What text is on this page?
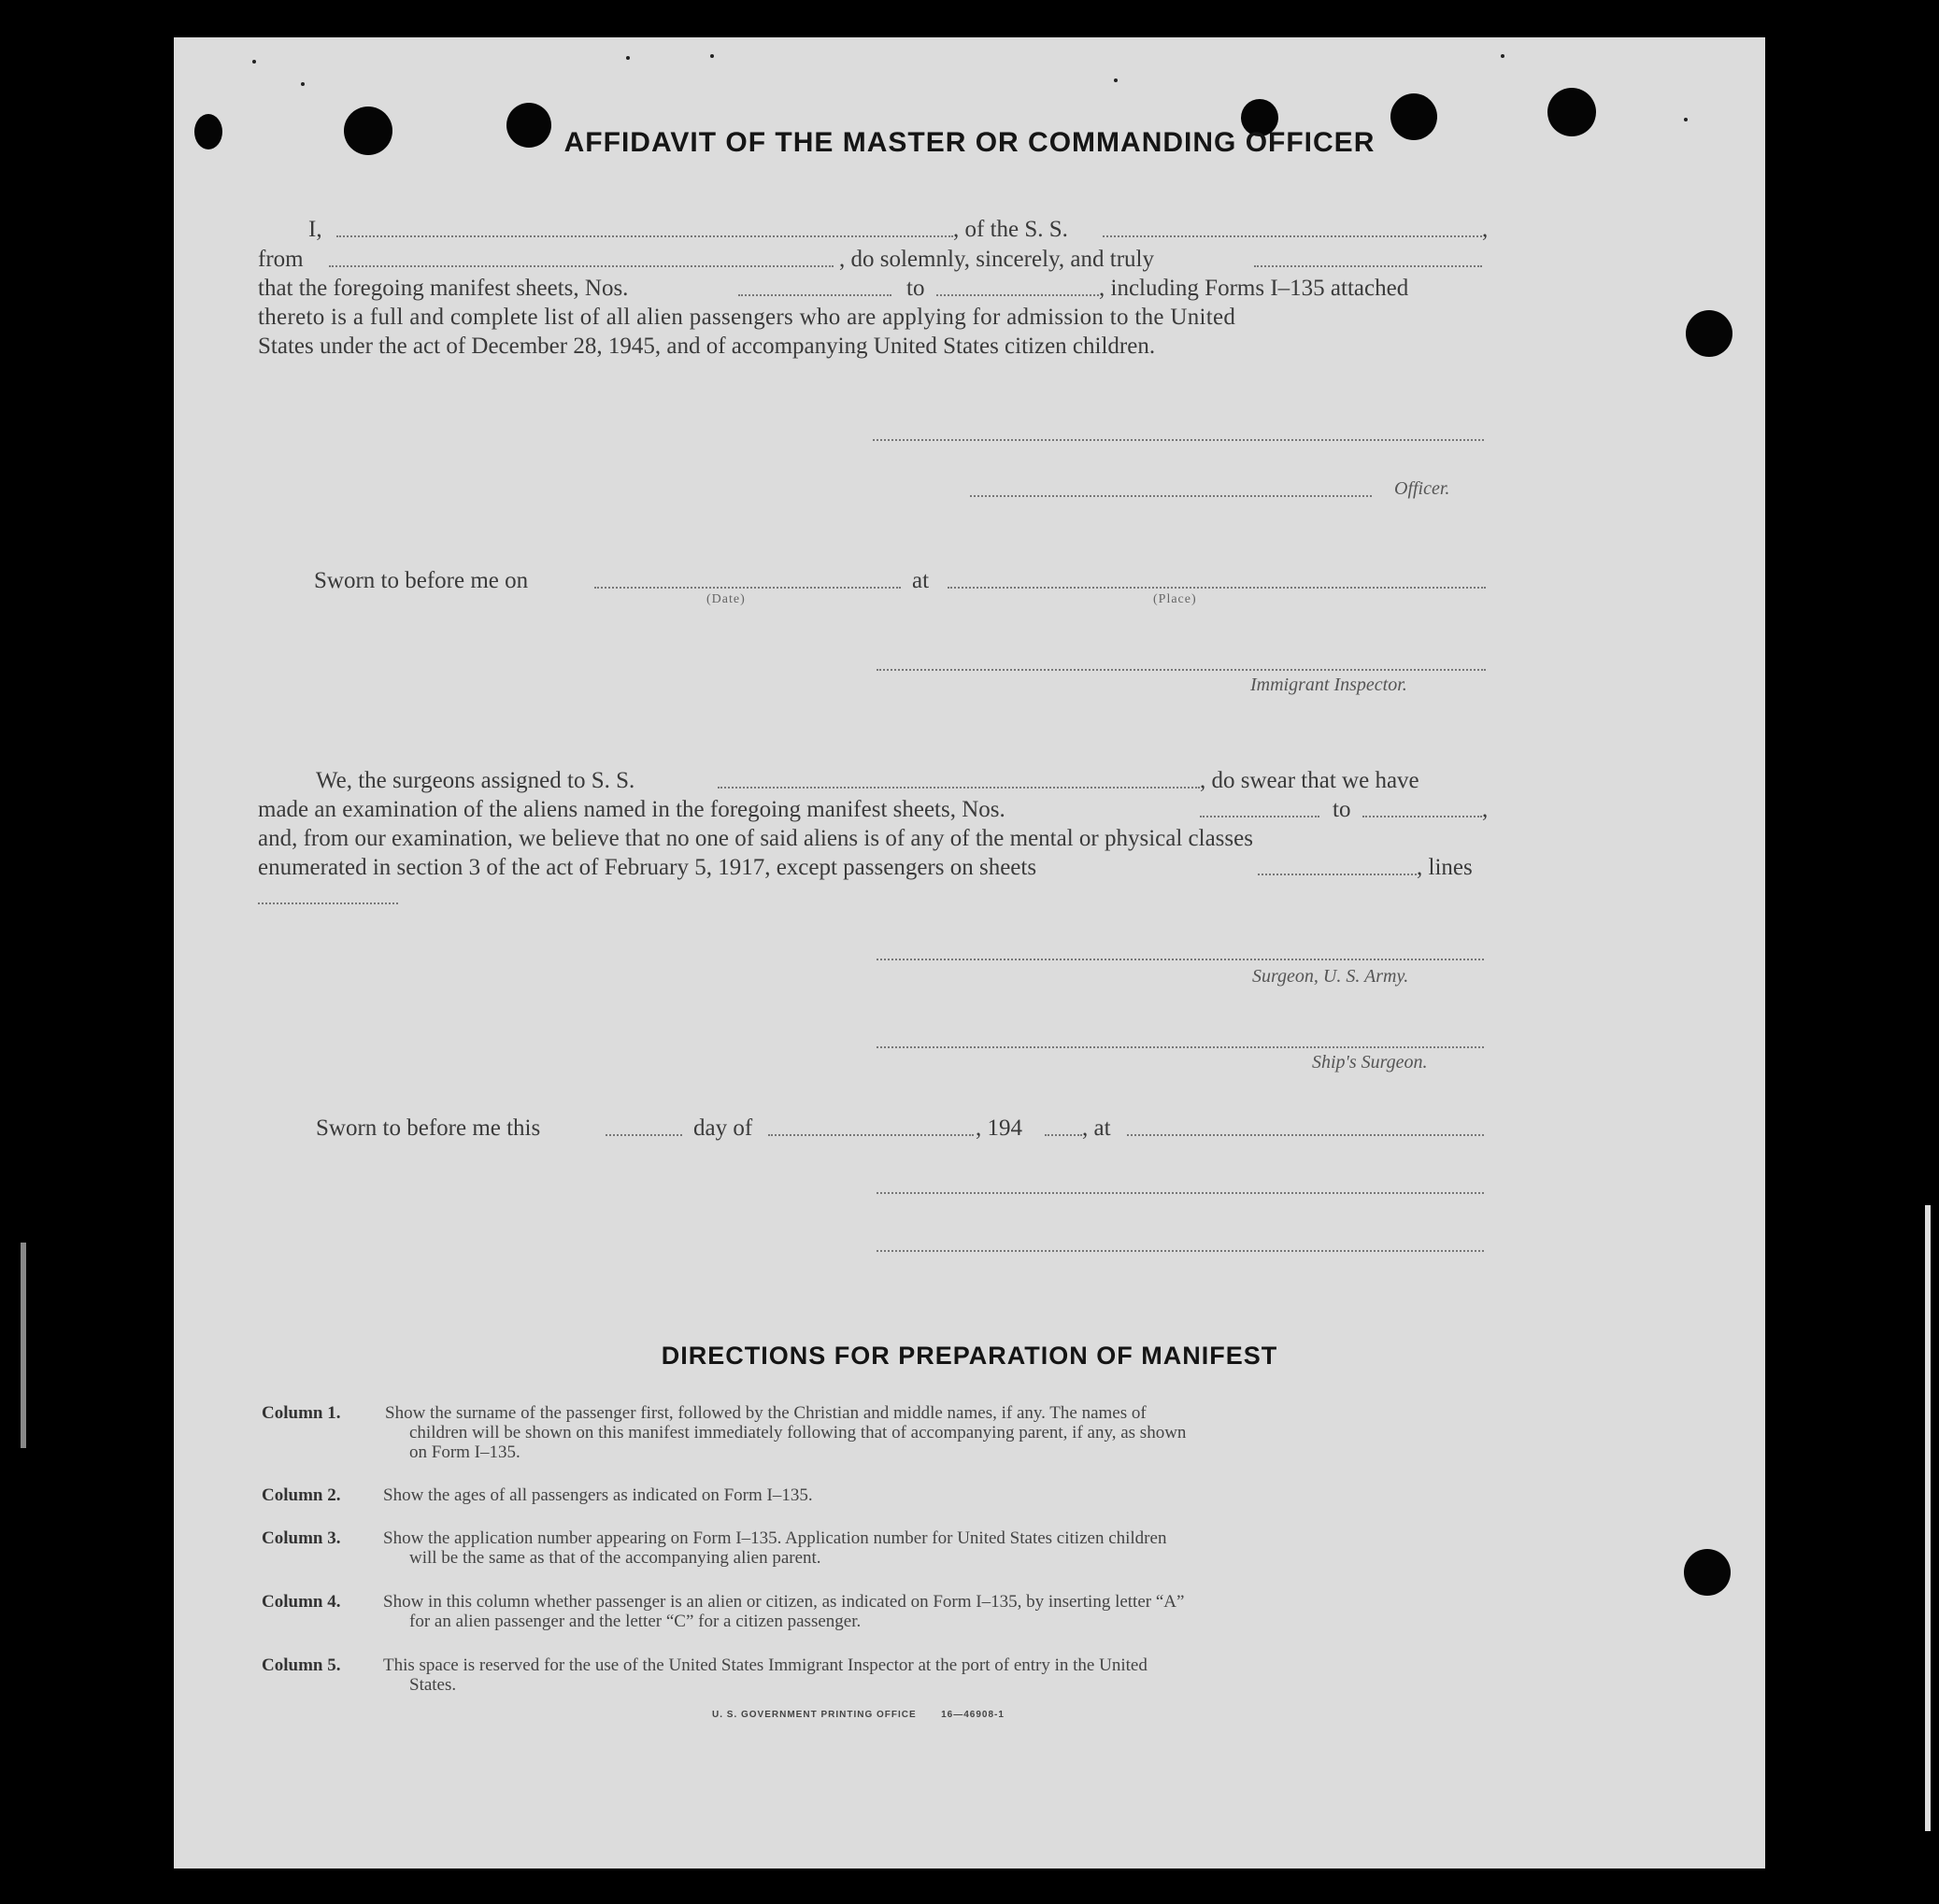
AFFIDAVIT OF THE MASTER OR COMMANDING OFFICER
I,	, of the S. S.	,
from	, do solemnly, sincerely, and truly
that the foregoing manifest sheets, Nos.	to	, including Forms I–135 attached
thereto is a full and complete list of all alien passengers who are applying for admission to the United
States under the act of December 28, 1945, and of accompanying United States citizen children.
Officer.
Sworn to before me on	at
(Date)	(Place)
Immigrant Inspector.
We, the surgeons assigned to S. S.	, do swear that we have
made an examination of the aliens named in the foregoing manifest sheets, Nos.	to	,
and, from our examination, we believe that no one of said aliens is of any of the mental or physical classes
enumerated in section 3 of the act of February 5, 1917, except passengers on sheets	, lines
Surgeon, U. S. Army.
Ship's Surgeon.
Sworn to before me this	day of	, 194	, at
DIRECTIONS FOR PREPARATION OF MANIFEST
Column 1.	Show the surname of the passenger first, followed by the Christian and middle names, if any. The names of
children will be shown on this manifest immediately following that of accompanying parent, if any, as shown
on Form I–135.
Column 2. Show the ages of all passengers as indicated on Form I–135.
Column 3. Show the application number appearing on Form I–135. Application number for United States citizen children
will be the same as that of the accompanying alien parent.
Column 4. Show in this column whether passenger is an alien or citizen, as indicated on Form I–135, by inserting letter “A”
for an alien passenger and the letter “C” for a citizen passenger.
Column 5. This space is reserved for the use of the United States Immigrant Inspector at the port of entry in the United
States.
U. S. GOVERNMENT PRINTING OFFICE       16—46908-1
